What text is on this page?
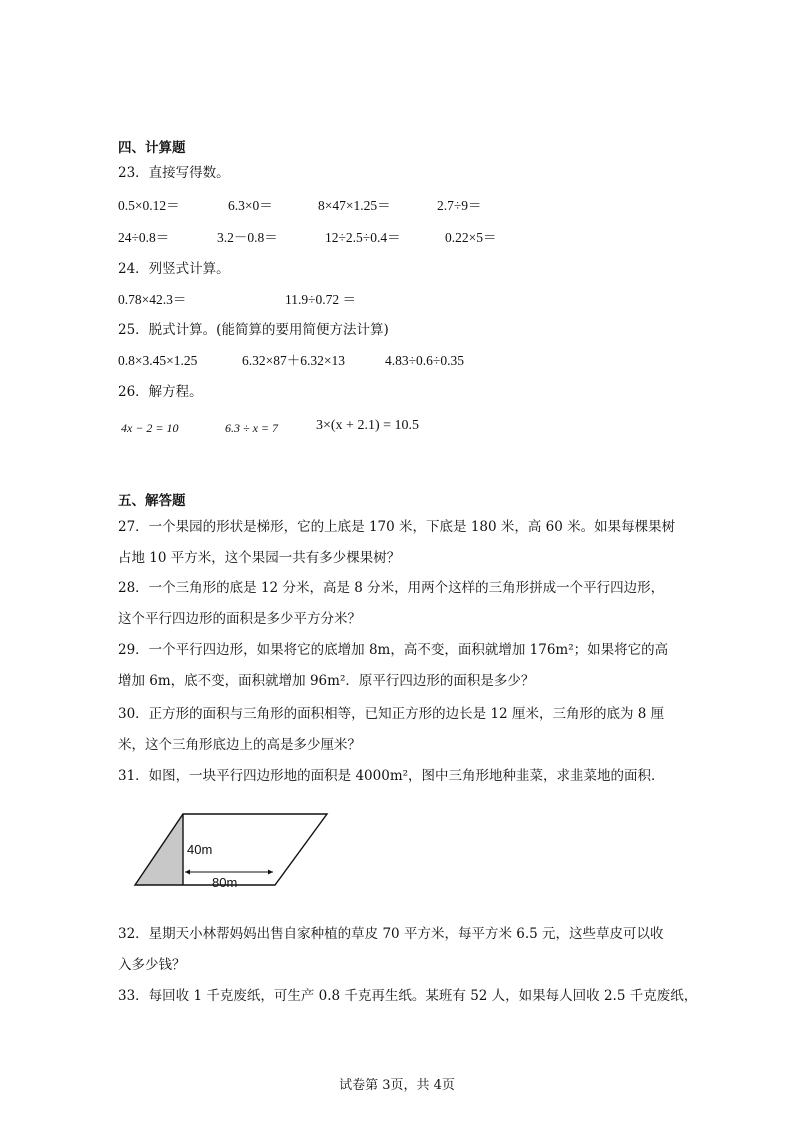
四、计算题
23．直接写得数。
0.5×0.12＝	6.3×0＝	8×47×1.25＝	2.7÷9＝
24÷0.8＝	3.2－0.8＝	12÷2.5÷0.4＝	0.22×5＝
24．列竖式计算。
0.78×42.3＝	11.9÷0.72 ＝
25．脱式计算。(能简算的要用简便方法计算)
0.8×3.45×1.25	6.32×87＋6.32×13	4.83÷0.6÷0.35
26．解方程。
4x − 2 = 10	6.3 ÷ x = 7	3×(x + 2.1) = 10.5
五、解答题
27．一个果园的形状是梯形，它的上底是 170 米，下底是 180 米，高 60 米。如果每棵果树
占地 10 平方米，这个果园一共有多少棵果树？
28．一个三角形的底是 12 分米，高是 8 分米，用两个这样的三角形拼成一个平行四边形，
这个平行四边形的面积是多少平方分米？
29．一个平行四边形，如果将它的底增加 8m，高不变，面积就增加 176m²；如果将它的高
增加 6m，底不变，面积就增加 96m²．原平行四边形的面积是多少？
30．正方形的面积与三角形的面积相等，已知正方形的边长是 12 厘米，三角形的底为 8 厘
米，这个三角形底边上的高是多少厘米？
31．如图，一块平行四边形地的面积是 4000m²，图中三角形地种韭菜，求韭菜地的面积．
40m
80m
32．星期天小林帮妈妈出售自家种植的草皮 70 平方米，每平方米 6.5 元，这些草皮可以收
入多少钱？
33．每回收 1 千克废纸，可生产 0.8 千克再生纸。某班有 52 人，如果每人回收 2.5 千克废纸，
试卷第 3页，共 4页
